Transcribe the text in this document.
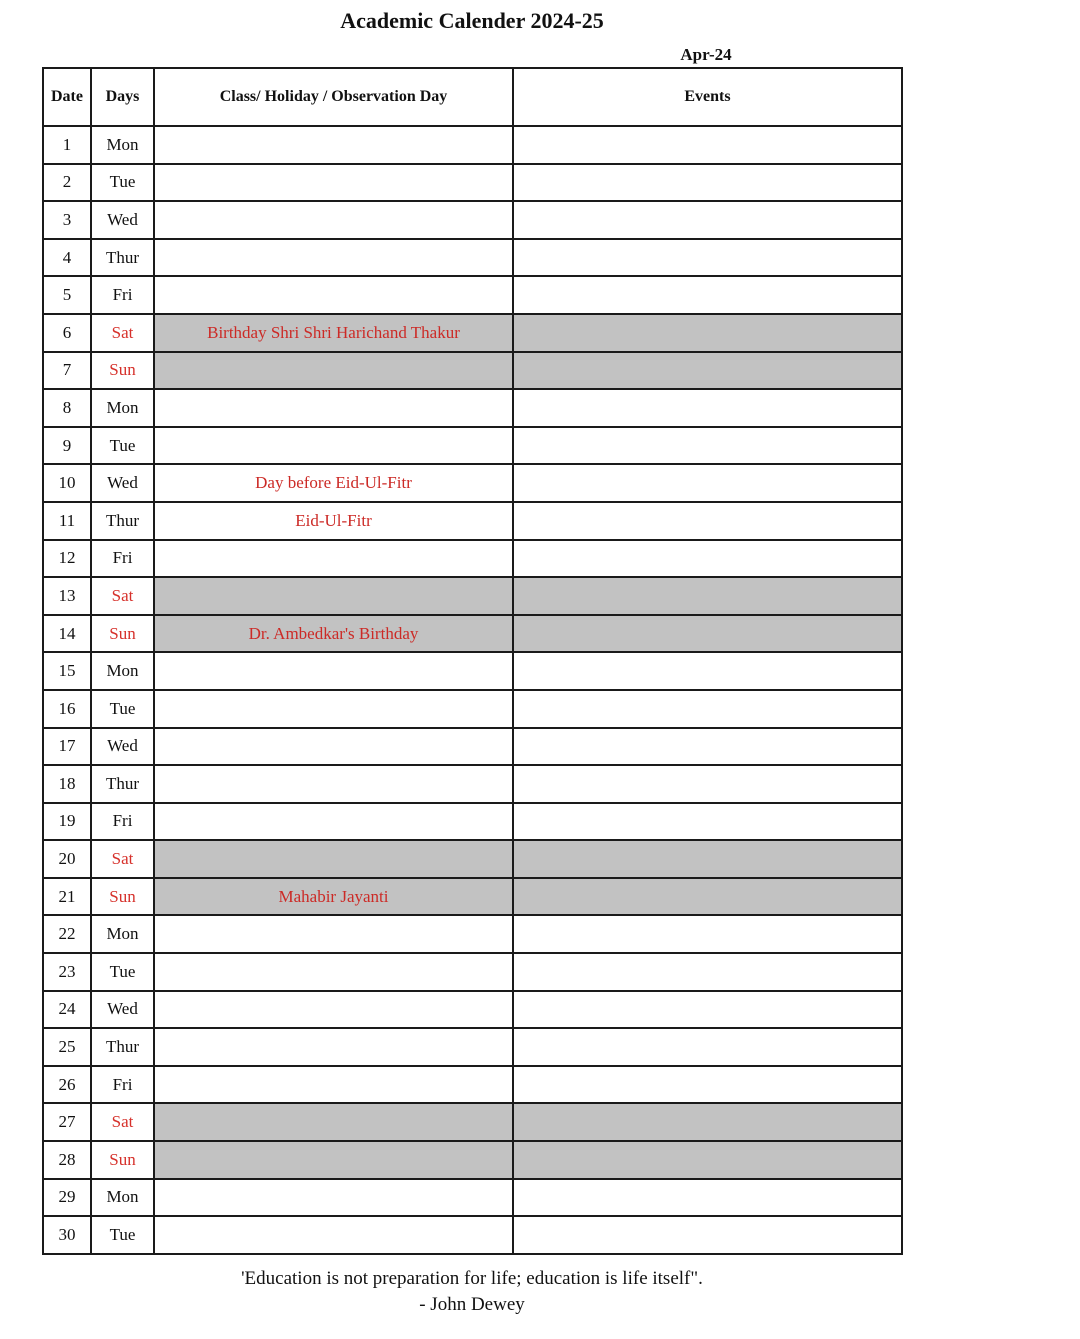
Academic Calender 2024-25
Apr-24
Date	Days	Class/ Holiday / Observation Day	Events
1	Mon		
2	Tue		
3	Wed		
4	Thur		
5	Fri		
6	Sat	Birthday Shri Shri Harichand Thakur	
7	Sun		
8	Mon		
9	Tue		
10	Wed	Day before Eid-Ul-Fitr	
11	Thur	Eid-Ul-Fitr	
12	Fri		
13	Sat		
14	Sun	Dr. Ambedkar's Birthday	
15	Mon		
16	Tue		
17	Wed		
18	Thur		
19	Fri		
20	Sat		
21	Sun	Mahabir Jayanti	
22	Mon		
23	Tue		
24	Wed		
25	Thur		
26	Fri		
27	Sat		
28	Sun		
29	Mon		
30	Tue		
'Education is not preparation for life; education is life itself".
- John Dewey
